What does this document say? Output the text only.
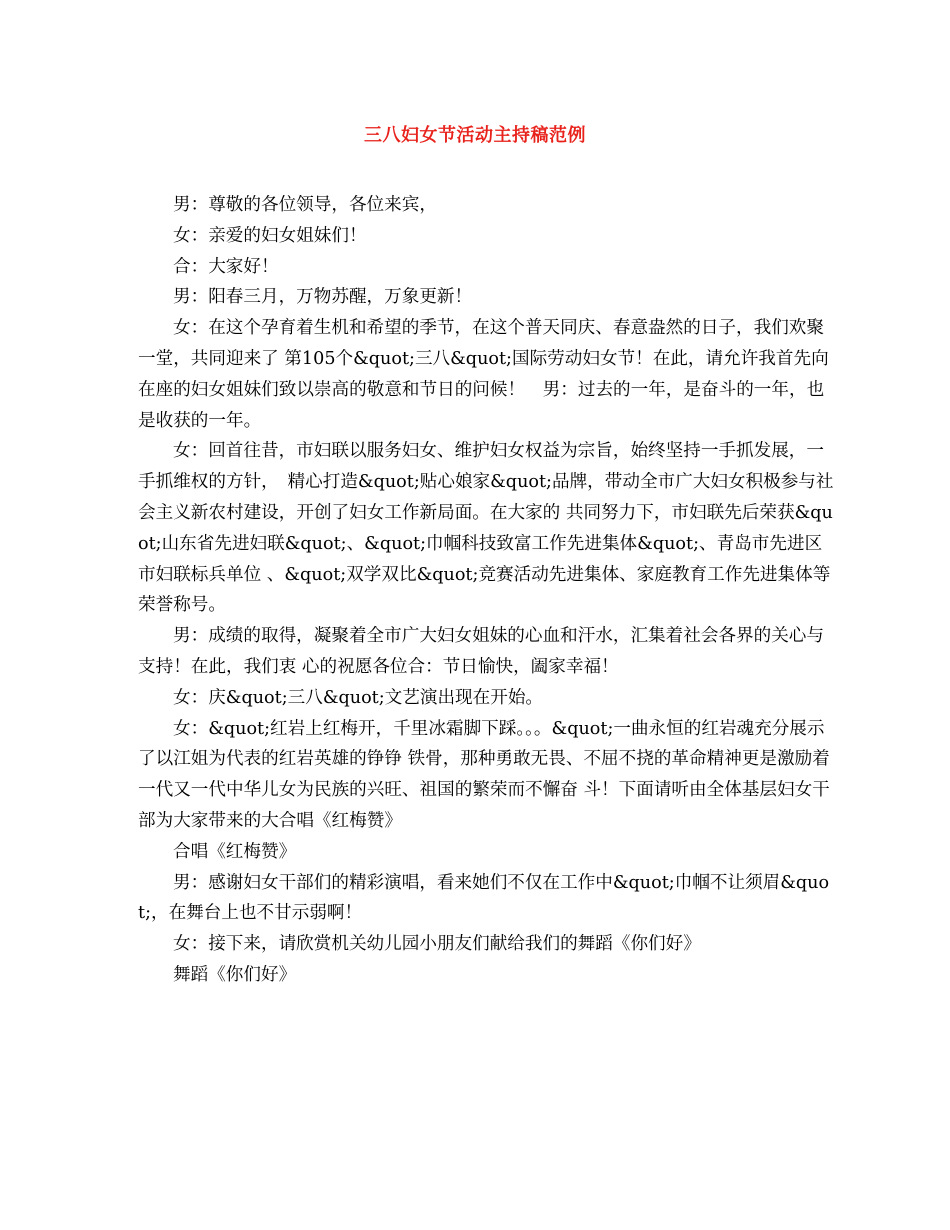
三八妇女节活动主持稿范例

男：尊敬的各位领导，各位来宾，

女：亲爱的妇女姐妹们！

合：大家好！

男：阳春三月，万物苏醒，万象更新！

女：在这个孕育着生机和希望的季节，在这个普天同庆、春意盎然的日子，我们欢聚一堂，共同迎来了 第105个&quot;三八&quot;国际劳动妇女节！在此，请允许我首先向在座的妇女姐妹们致以崇高的敬意和节日的问候！　男：过去的一年，是奋斗的一年，也是收获的一年。

女：回首往昔，市妇联以服务妇女、维护妇女权益为宗旨，始终坚持一手抓发展，一手抓维权的方针，　精心打造&quot;贴心娘家&quot;品牌，带动全市广大妇女积极参与社会主义新农村建设，开创了妇女工作新局面。在大家的 共同努力下，市妇联先后荣获&quot;山东省先进妇联&quot;、&quot;巾帼科技致富工作先进集体&quot;、青岛市先进区市妇联标兵单位 、&quot;双学双比&quot;竞赛活动先进集体、家庭教育工作先进集体等荣誉称号。

男：成绩的取得，凝聚着全市广大妇女姐妹的心血和汗水，汇集着社会各界的关心与支持！在此，我们衷 心的祝愿各位合：节日愉快，阖家幸福！

女：庆&quot;三八&quot;文艺演出现在开始。

女：&quot;红岩上红梅开，千里冰霜脚下踩。。。&quot;一曲永恒的红岩魂充分展示了以江姐为代表的红岩英雄的铮铮 铁骨，那种勇敢无畏、不屈不挠的革命精神更是激励着一代又一代中华儿女为民族的兴旺、祖国的繁荣而不懈奋 斗！下面请听由全体基层妇女干部为大家带来的大合唱《红梅赞》

合唱《红梅赞》

男：感谢妇女干部们的精彩演唱，看来她们不仅在工作中&quot;巾帼不让须眉&quot;，在舞台上也不甘示弱啊！

女：接下来，请欣赏机关幼儿园小朋友们献给我们的舞蹈《你们好》

舞蹈《你们好》
